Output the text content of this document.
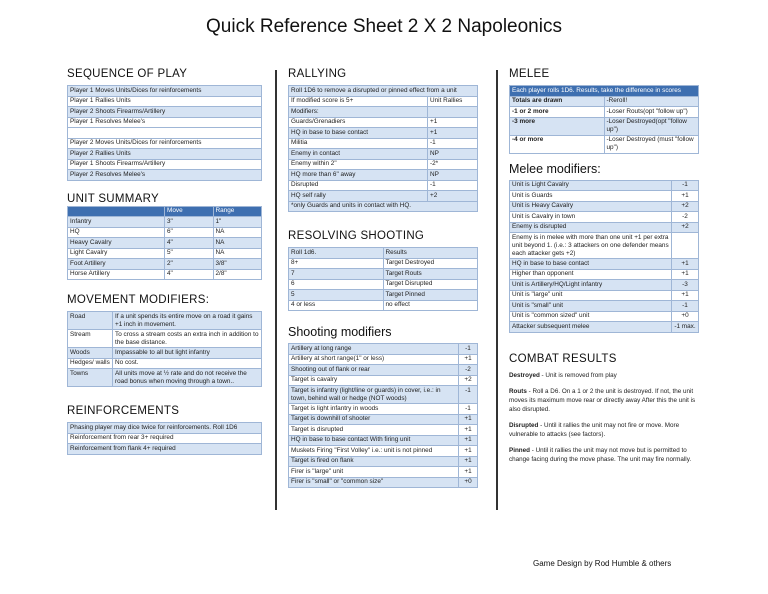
Quick Reference Sheet 2 X 2 Napoleonics
SEQUENCE OF PLAY
Player 1 Moves Units/Dices for reinforcements
Player 1 Rallies Units
Player 2 Shoots Firearms/Artillery
Player 1 Resolves Melee's

Player 2 Moves Units/Dices for reinforcements
Player 2 Rallies Units
Player 1 Shoots Firearms/Artillery
Player 2 Resolves Melee's
UNIT SUMMARY
	Move	Range
Infantry	3"	1"
HQ	6"	NA
Heavy Cavalry	4"	NA
Light Cavalry	5"	NA
Foot Artillery	2"	3/8"
Horse Artillery	4"	2/8"
MOVEMENT MODIFIERS:
Road	If a unit spends its entire move on a road it gains +1 inch in movement.
Stream	To cross a stream costs an extra inch in addition to the base distance.
Woods	Impassable to all but light infantry
Hedges/ walls	No cost.
Towns	All units move at ½ rate and do not receive the road bonus when moving through a town..
REINFORCEMENTS
Phasing player may dice twice for reinforcements. Roll 1D6
Reinforcement from rear 3+ required
Reinforcement from flank 4+ required
RALLYING
Roll 1D6 to remove a disrupted or pinned effect from a unit	
If modified score is 5+	Unit Rallies
Modifiers:	
Guards/Grenadiers	+1
HQ in base to base contact	+1
Militia	-1
Enemy in contact	NP
Enemy within 2"	-2*
HQ more than 6" away	NP
Disrupted	-1
HQ self rally	+2
*only Guards and units in contact with HQ.	
RESOLVING SHOOTING
Roll 1d6.	Results
8+	Target Destroyed
7	Target Routs
6	Target Disrupted
5	Target Pinned
4 or less	no effect
Shooting modifiers
Artillery at long range	-1
Artillery at short range(1" or less)	+1
Shooting out of flank or rear	-2
Target is cavalry	+2
Target is infantry (light/line or guards) in cover, i.e.: in town, behind wall or hedge (NOT woods)	-1
Target is light infantry in woods	-1
Target is downhill of shooter	+1
Target is disrupted	+1
HQ in base to base contact With firing unit	+1
Muskets Firing "First Volley" i.e.: unit is not pinned	+1
Target is fired on flank	+1
Firer is "large" unit	+1
Firer is "small" or "common size"	+0
MELEE
Each player rolls 1D6. Results, take the difference in scores	
Totals are drawn	-Reroll!
-1 or 2 more	-Loser Routs(opt "follow up")
-3 more	-Loser Destroyed(opt "follow up")
-4 or more	-Loser Destroyed (must "follow up")
Melee modifiers:
Unit is Light Cavalry	-1
Unit is Guards	+1
Unit is Heavy Cavalry	+2
Unit is Cavalry in town	-2
Enemy is disrupted	+2
Enemy is in melee with more than one unit +1 per extra unit beyond 1. (i.e.: 3 attackers on one defender means each attacker gets +2)	
HQ in base to base contact	+1
Higher than opponent	+1
Unit is Artillery/HQ/Light infantry	-3
Unit is "large" unit	+1
Unit is "small" unit	-1
Unit is "common sized" unit	+0
Attacker subsequent melee	-1 max.
COMBAT RESULTS

Destroyed - Unit is removed from play

Routs - Roll a D6. On a 1 or 2 the unit is destroyed. If not, the unit moves its maximum move rear or directly away After this the unit is also disrupted.

Disrupted - Until it rallies the unit may not fire or move. More vulnerable to attacks (see factors).

Pinned - Until it rallies the unit may not move but is permitted to change facing during the move phase. The unit may fire normally.

Game Design by Rod Humble & others
